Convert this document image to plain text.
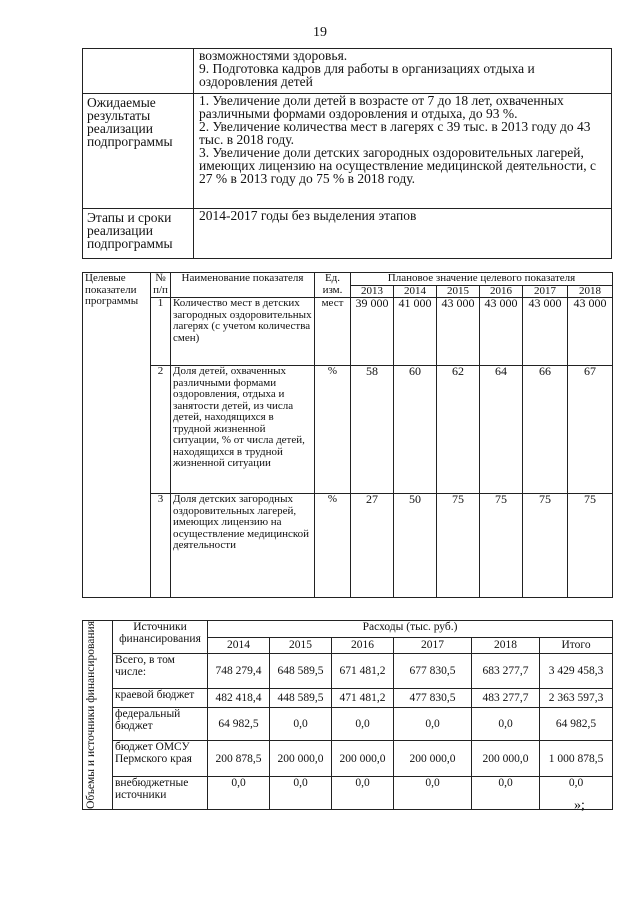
19

	возможностями здоровья.
9. Подготовка кадров для работы в организациях отдыха и оздоровления детей

Ожидаемые результаты реализации подпрограммы	1. Увеличение доли детей в возрасте от 7 до 18 лет, охваченных различными формами оздоровления и отдыха, до 93 %.
2. Увеличение количества мест в лагерях с 39 тыс. в 2013 году до 43 тыс. в 2018 году.
3. Увеличение доли детских загородных оздоровительных лагерей, имеющих лицензию на осуществление медицинской деятельности, с 27 % в 2013 году до 75 % в 2018 году.

Этапы и сроки реализации подпрограммы	2014-2017 годы без выделения этапов
Целевые показатели программы	№ п/п	Наименование показателя	Ед. изм.	Плановое значение целевого показателя					
				2013	2014	2015	2016	2017	2018
	1	Количество мест в детских загородных оздоровительных лагерях (с учетом количества смен)	мест	39 000	41 000	43 000	43 000	43 000	43 000
	2	Доля детей, охваченных различными формами оздоровления, отдыха и занятости детей, из числа детей, находящихся в трудной жизненной ситуации, % от числа детей, находящихся в трудной жизненной ситуации	%	58	60	62	64	66	67
	3	Доля детских загородных оздоровительных лагерей, имеющих лицензию на осуществление медицинской деятельности	%	27	50	75	75	75	75
Объемы и источники финансирования	Источники финансирования	Расходы (тыс. руб.)					
		2014	2015	2016	2017	2018	Итого
	Всего, в том числе:	748 279,4	648 589,5	671 481,2	677 830,5	683 277,7	3 429 458,3
	краевой бюджет	482 418,4	448 589,5	471 481,2	477 830,5	483 277,7	2 363 597,3
	федеральный бюджет	64 982,5	0,0	0,0	0,0	0,0	64 982,5
	бюджет ОМСУ Пермского края	200 878,5	200 000,0	200 000,0	200 000,0	200 000,0	1 000 878,5
	внебюджетные источники	0,0	0,0	0,0	0,0	0,0	0,0
»;
